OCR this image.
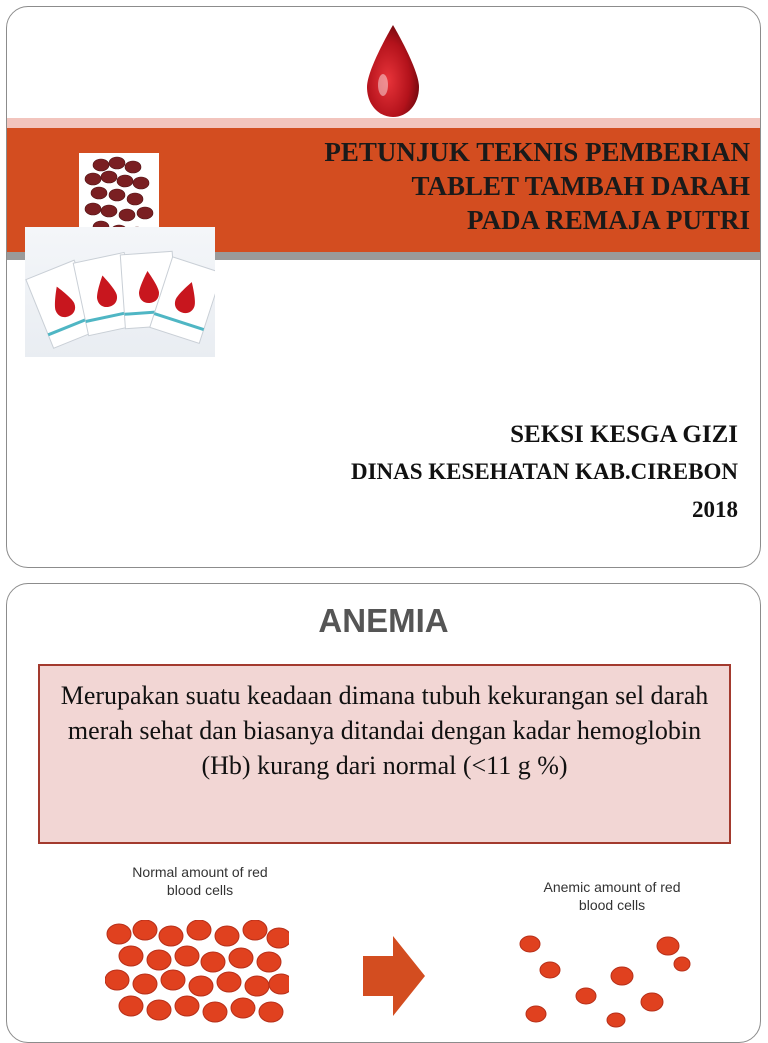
PETUNJUK TEKNIS PEMBERIAN
TABLET TAMBAH DARAH
PADA REMAJA PUTRI

SEKSI KESGA GIZI

DINAS KESEHATAN KAB.CIREBON

2018

ANEMIA
Merupakan suatu keadaan dimana tubuh kekurangan sel darah merah sehat dan biasanya ditandai dengan kadar hemoglobin (Hb) kurang dari normal (<11 g %)
Normal amount of red blood cells	Anemic amount of red blood cells
